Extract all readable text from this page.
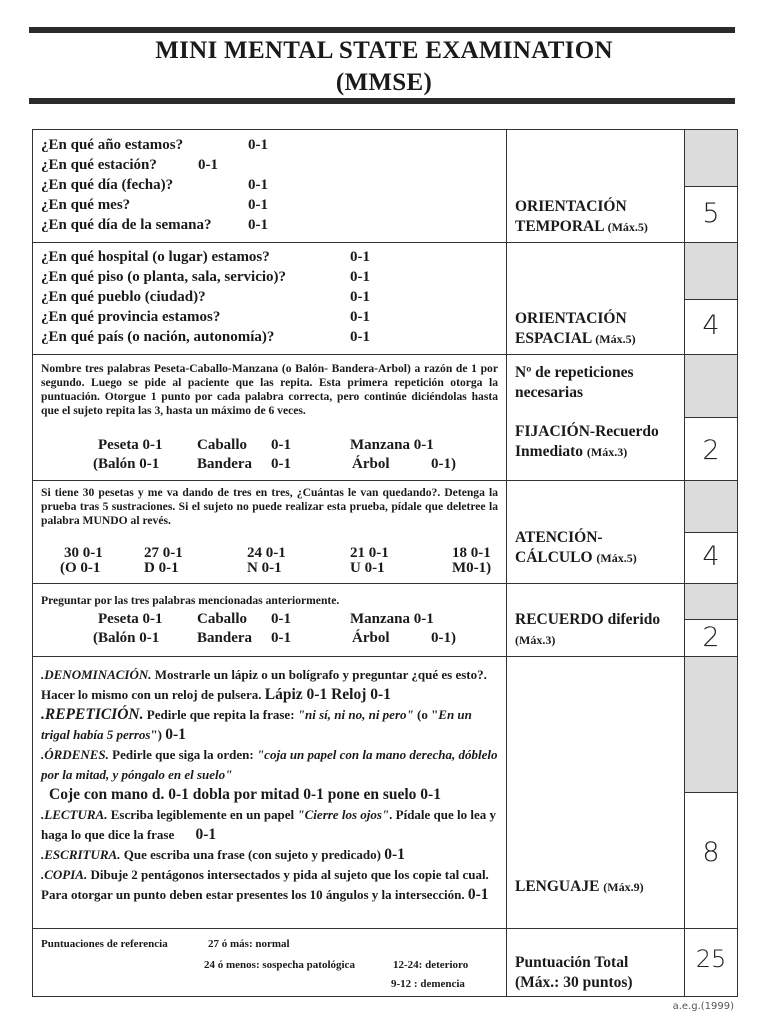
MINI MENTAL STATE EXAMINATION
(MMSE)
¿En qué año estamos?	0-1
¿En qué estación?	0-1
¿En qué día (fecha)?	0-1
¿En qué mes?	0-1
¿En qué día de la semana? 0-1
ORIENTACIÓN
TEMPORAL (Máx.5)	5
¿En qué hospital (o lugar) estamos?	0-1
¿En qué piso (o planta, sala, servicio)?	0-1
¿En qué pueblo (ciudad)?	0-1
¿En qué provincia estamos?	0-1
¿En qué país (o nación, autonomía)?	0-1
ORIENTACIÓN
ESPACIAL (Máx.5)	4
Nombre tres palabras Peseta-Caballo-Manzana (o Balón- Bandera-Arbol) a razón de 1 por segundo. Luego se pide al paciente que las repita. Esta primera repetición otorga la puntuación. Otorgue 1 punto por cada palabra correcta, pero continúe diciéndolas hasta que el sujeto repita las 3, hasta un máximo de 6 veces.
Peseta 0-1 Caballo 0-1	Manzana 0-1
(Balón 0-1	Bandera 0-1	Árbol	0-1)
Nº de repeticiones necesarias
FIJACIÓN-Recuerdo
Inmediato (Máx.3)	2
Si tiene 30 pesetas y me va dando de tres en tres, ¿Cuántas le van quedando?. Detenga la prueba tras 5 sustraciones. Si el sujeto no puede realizar esta prueba, pídale que deletree la palabra MUNDO al revés.
30 0-1	27 0-1	24 0-1	21 0-1	18 0-1
(O 0-1	D 0-1	N 0-1	U 0-1	M0-1)
ATENCIÓN-
CÁLCULO (Máx.5)	4
Preguntar por las tres palabras mencionadas anteriormente.
Peseta 0-1 Caballo 0-1	Manzana 0-1
(Balón 0-1	Bandera 0-1	Árbol	0-1)
RECUERDO diferido
(Máx.3)	2
.DENOMINACIÓN. Mostrarle un lápiz o un bolígrafo y preguntar ¿qué es esto?. Hacer lo mismo con un reloj de pulsera. Lápiz 0-1 Reloj 0-1
.REPETICIÓN. Pedirle que repita la frase: "ni sí, ni no, ni pero" (o "En un trigal había 5 perros") 0-1
.ÓRDENES. Pedirle que siga la orden: "coja un papel con la mano derecha, dóblelo por la mitad, y póngalo en el suelo"
Coje con mano d. 0-1 dobla por mitad 0-1 pone en suelo 0-1
.LECTURA. Escriba legiblemente en un papel "Cierre los ojos". Pídale que lo lea y haga lo que dice la frase 0-1
.ESCRITURA. Que escriba una frase (con sujeto y predicado) 0-1
.COPIA. Dibuje 2 pentágonos intersectados y pida al sujeto que los copie tal cual. Para otorgar un punto deben estar presentes los 10 ángulos y la intersección. 0-1	LENGUAJE (Máx.9)
8
Puntuaciones de referencia	27 ó más: normal
24 ó menos: sospecha patológica	12-24: deterioro
9-12 : demencia
Puntuación Total
(Máx.: 30 puntos)
25
a.e.g.(1999)
